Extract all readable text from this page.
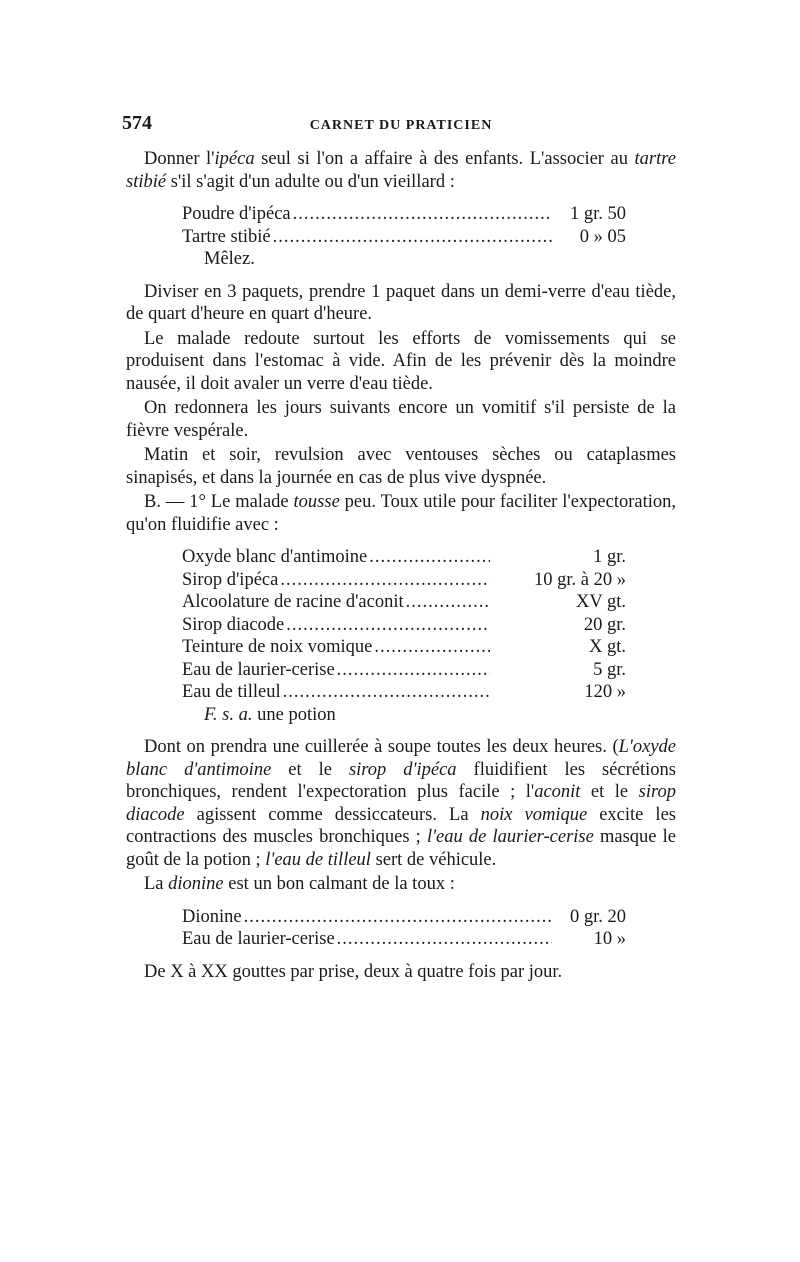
574	CARNET DU PRATICIEN

Donner l'ipéca seul si l'on a affaire à des enfants. L'associer au tartre stibié s'il s'agit d'un adulte ou d'un vieillard :

Poudre d'ipéca .....	1 gr. 50
Tartre stibié .....	0 » 05
Mêlez.

Diviser en 3 paquets, prendre 1 paquet dans un demi-verre d'eau tiède, de quart d'heure en quart d'heure.

Le malade redoute surtout les efforts de vomissements qui se produisent dans l'estomac à vide. Afin de les prévenir dès la moindre nausée, il doit avaler un verre d'eau tiède.

On redonnera les jours suivants encore un vomitif s'il persiste de la fièvre vespérale.

Matin et soir, revulsion avec ventouses sèches ou cataplasmes sinapisés, et dans la journée en cas de plus vive dyspnée.

B. — 1° Le malade tousse peu. Toux utile pour faciliter l'expectoration, qu'on fluidifie avec :

Oxyde blanc d'antimoine .....	1 gr.
Sirop d'ipéca .....	10 gr. à 20 »
Alcoolature de racine d'aconit .....	XV gt.
Sirop diacode .....	20 gr.
Teinture de noix vomique .....	X gt.
Eau de laurier-cerise .....	5 gr.
Eau de tilleul .....	120 »
F. s. a. une potion

Dont on prendra une cuillerée à soupe toutes les deux heures. (L'oxyde blanc d'antimoine et le sirop d'ipéca fluidifient les sécrétions bronchiques, rendent l'expectoration plus facile ; l'aconit et le sirop diacode agissent comme dessiccateurs. La noix vomique excite les contractions des muscles bronchiques ; l'eau de laurier-cerise masque le goût de la potion ; l'eau de tilleul sert de véhicule.

La dionine est un bon calmant de la toux :

Dionine .....	0 gr. 20
Eau de laurier-cerise .....	10 »

De X à XX gouttes par prise, deux à quatre fois par jour.
